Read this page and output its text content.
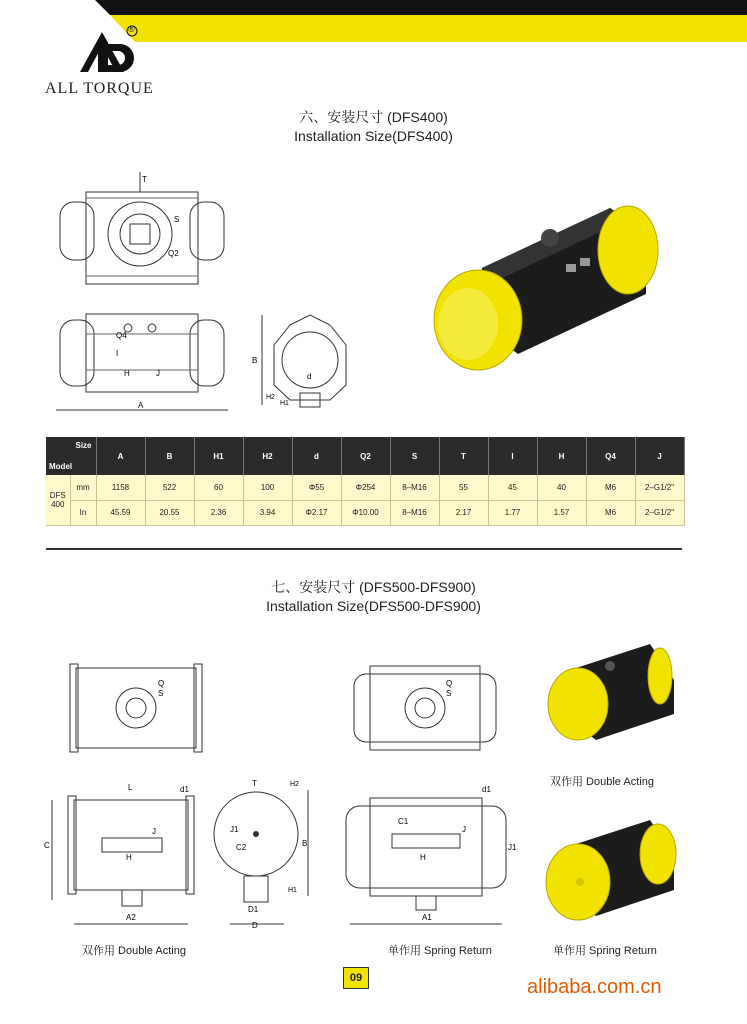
®
ALL TORQUE
六、安装尺寸 (DFS400)
Installation Size(DFS400)
T
S
Q2
Q4
I
H	J
A
B
d
H2
H1
Size
Model		A	B	H1	H2	d	Q2	S	T	I	H	Q4	J
DFS 400	mm	1158	522	60	100	Φ55	Φ254	8–M16	55	45	40	M6	2–G1/2"
	In	45.59	20.55	2.36	3.94	Φ2.17	Φ10.00	8–M16	2.17	1.77	1.57	M6	2–G1/2"
七、安装尺寸 (DFS500-DFS900)
Installation Size(DFS500-DFS900)
Q
S
Q
S
L	d1
C
H
J
A2
T	H2
J1
C2	B
H1
D1
D
d1
C1
J
J1
H
A1
双作用 Double Acting
双作用 Double Acting	单作用 Spring Return	单作用 Spring Return
09	alibaba.com.cn
